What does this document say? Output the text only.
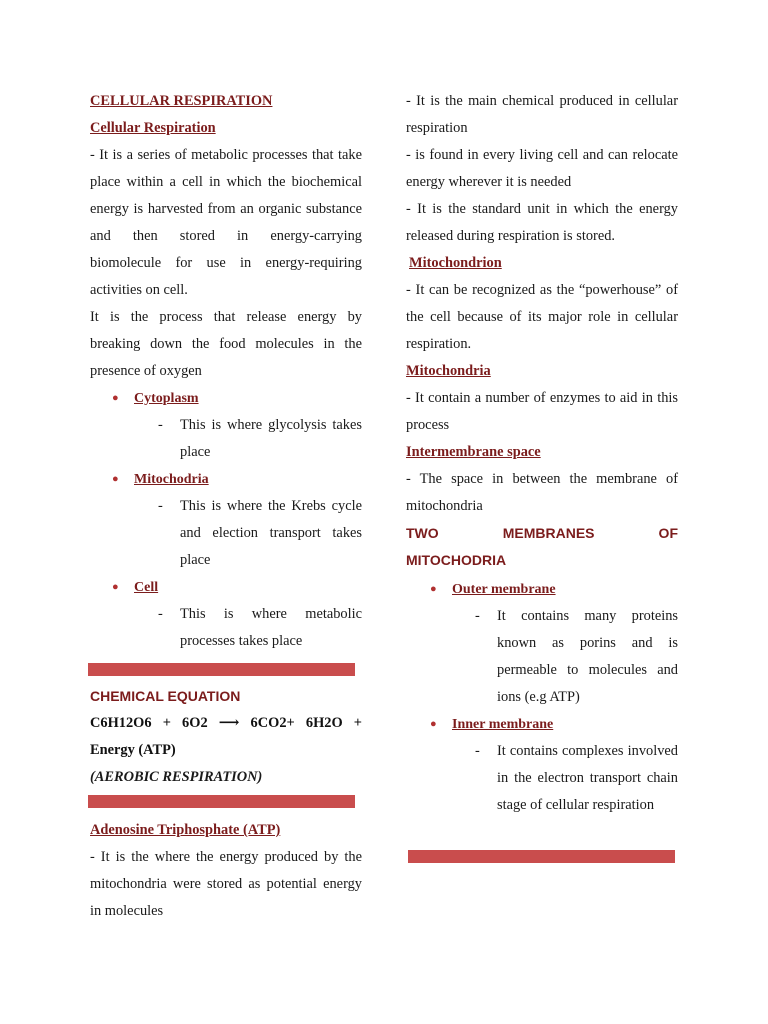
CELLULAR RESPIRATION

Cellular Respiration

- It is a series of metabolic processes that take place within a cell in which the biochemical energy is harvested from an organic substance and then stored in energy-carrying biomolecule for use in energy-requiring activities on cell.

It is the process that release energy by breaking down the food molecules in the presence of oxygen

● Cytoplasm
- This is where glycolysis takes place
● Mitochodria
- This is where the Krebs cycle and election transport takes place
● Cell
- This is where metabolic processes takes place

CHEMICAL EQUATION

C6H12O6 + 6O2 ⟶ 6CO2+ 6H2O + Energy (ATP)

(AEROBIC RESPIRATION)

Adenosine Triphosphate (ATP)

- It is the where the energy produced by the mitochondria were stored as potential energy in molecules

- It is the main chemical produced in cellular respiration

- is found in every living cell and can relocate energy wherever it is needed

- It is the standard unit in which the energy released during respiration is stored.

Mitochondrion

- It can be recognized as the “powerhouse” of the cell because of its major role in cellular respiration.

Mitochondria

- It contain a number of enzymes to aid in this process

Intermembrane space

- The space in between the membrane of mitochondria

TWO MEMBRANES OF

MITOCHODRIA

● Outer membrane
- It contains many proteins known as porins and is permeable to molecules and ions (e.g ATP)
● Inner membrane
- It contains complexes involved in the electron transport chain stage of cellular respiration
